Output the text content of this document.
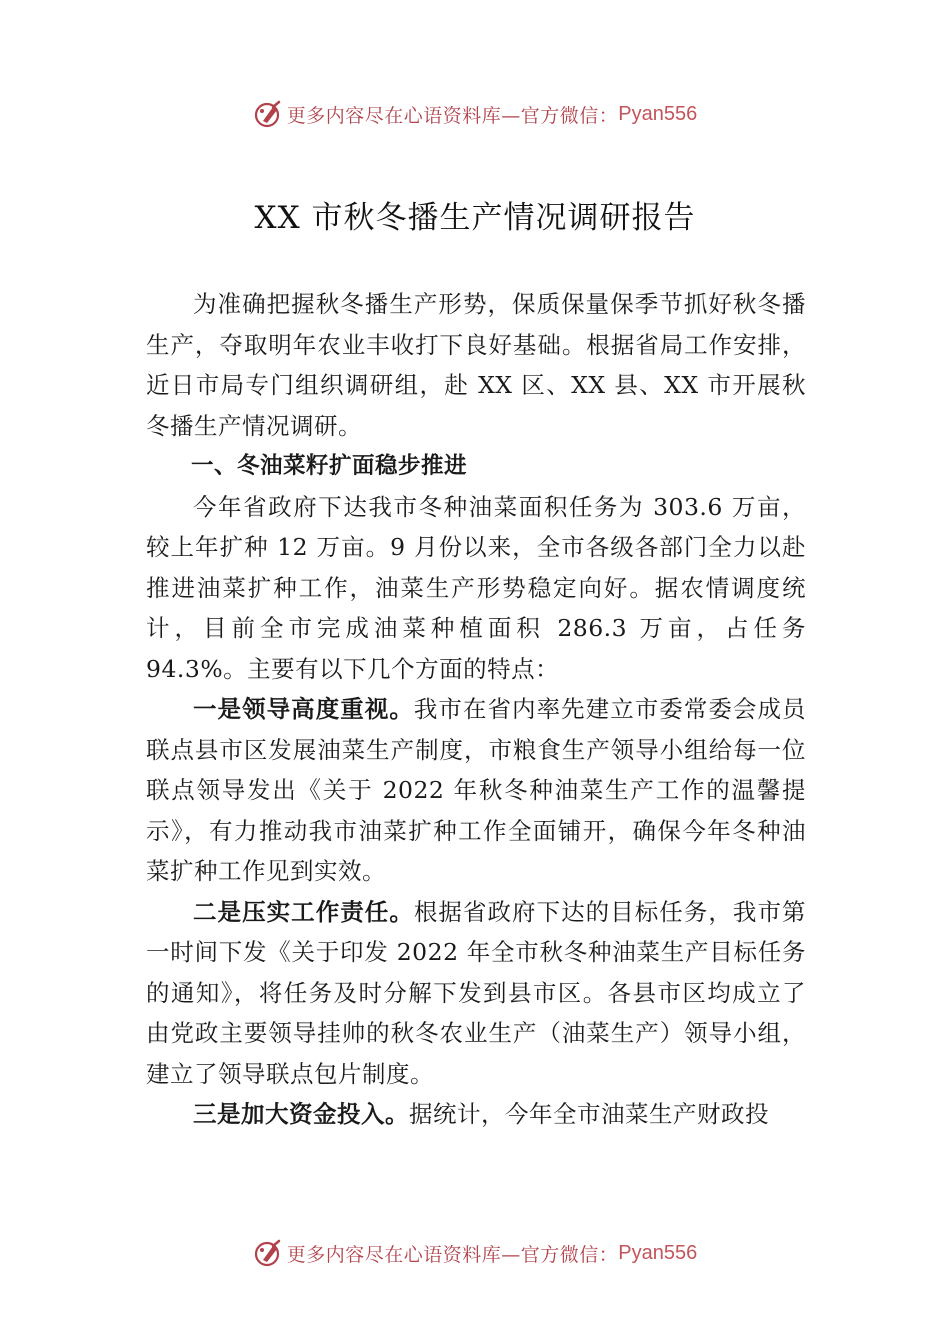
更多内容尽在心语资料库—官方微信： Pyan556
XX 市秋冬播生产情况调研报告

为准确把握秋冬播生产形势，保质保量保季节抓好秋冬播生产，夺取明年农业丰收打下良好基础。根据省局工作安排，近日市局专门组织调研组，赴 XX 区、XX 县、XX 市开展秋冬播生产情况调研。

一、冬油菜籽扩面稳步推进

今年省政府下达我市冬种油菜面积任务为 303.6 万亩，较上年扩种 12 万亩。9 月份以来，全市各级各部门全力以赴推进油菜扩种工作，油菜生产形势稳定向好。据农情调度统计，目前全市完成油菜种植面积 286.3 万亩，占任务 94.3%。主要有以下几个方面的特点：

一是领导高度重视。我市在省内率先建立市委常委会成员联点县市区发展油菜生产制度，市粮食生产领导小组给每一位联点领导发出《关于 2022 年秋冬种油菜生产工作的温馨提示》，有力推动我市油菜扩种工作全面铺开，确保今年冬种油菜扩种工作见到实效。

二是压实工作责任。根据省政府下达的目标任务，我市第一时间下发《关于印发 2022 年全市秋冬种油菜生产目标任务的通知》，将任务及时分解下发到县市区。各县市区均成立了由党政主要领导挂帅的秋冬农业生产（油菜生产）领导小组，建立了领导联点包片制度。

三是加大资金投入。据统计，今年全市油菜生产财政投

更多内容尽在心语资料库—官方微信： Pyan556
